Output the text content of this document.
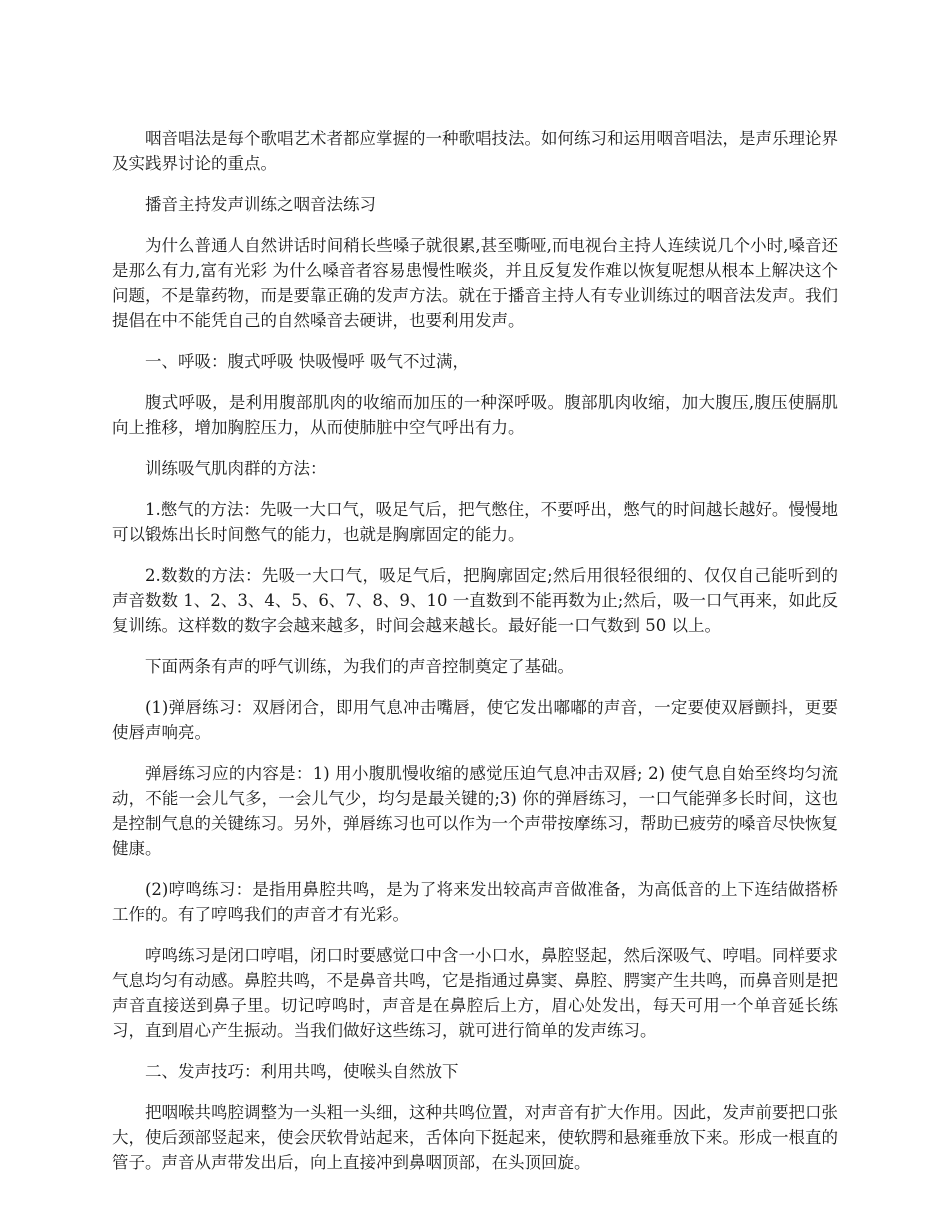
咽音唱法是每个歌唱艺术者都应掌握的一种歌唱技法。如何练习和运用咽音唱法，是声乐理论界及实践界讨论的重点。

播音主持发声训练之咽音法练习

为什么普通人自然讲话时间稍长些嗓子就很累,甚至嘶哑,而电视台主持人连续说几个小时,嗓音还是那么有力,富有光彩 为什么嗓音者容易患慢性喉炎，并且反复发作难以恢复呢想从根本上解决这个问题，不是靠药物，而是要靠正确的发声方法。就在于播音主持人有专业训练过的咽音法发声。我们提倡在中不能凭自己的自然嗓音去硬讲，也要利用发声。

一、呼吸：腹式呼吸 快吸慢呼 吸气不过满，

腹式呼吸，是利用腹部肌肉的收缩而加压的一种深呼吸。腹部肌肉收缩，加大腹压,腹压使膈肌向上推移，增加胸腔压力，从而使肺脏中空气呼出有力。

训练吸气肌肉群的方法：

1.憋气的方法：先吸一大口气，吸足气后，把气憋住，不要呼出，憋气的时间越长越好。慢慢地可以锻炼出长时间憋气的能力，也就是胸廓固定的能力。

2.数数的方法：先吸一大口气，吸足气后，把胸廓固定;然后用很轻很细的、仅仅自己能听到的声音数数 1、2、3、4、5、6、7、8、9、10 一直数到不能再数为止;然后，吸一口气再来，如此反复训练。这样数的数字会越来越多，时间会越来越长。最好能一口气数到 50 以上。

下面两条有声的呼气训练，为我们的声音控制奠定了基础。

(1)弹唇练习：双唇闭合，即用气息冲击嘴唇，使它发出嘟嘟的声音，一定要使双唇颤抖，更要使唇声响亮。

弹唇练习应的内容是：1) 用小腹肌慢收缩的感觉压迫气息冲击双唇; 2) 使气息自始至终均匀流动，不能一会儿气多，一会儿气少，均匀是最关键的;3) 你的弹唇练习，一口气能弹多长时间，这也是控制气息的关键练习。另外，弹唇练习也可以作为一个声带按摩练习，帮助已疲劳的嗓音尽快恢复健康。

(2)哼鸣练习：是指用鼻腔共鸣，是为了将来发出较高声音做准备，为高低音的上下连结做搭桥工作的。有了哼鸣我们的声音才有光彩。

哼鸣练习是闭口哼唱，闭口时要感觉口中含一小口水，鼻腔竖起，然后深吸气、哼唱。同样要求气息均匀有动感。鼻腔共鸣，不是鼻音共鸣，它是指通过鼻窦、鼻腔、腭窦产生共鸣，而鼻音则是把声音直接送到鼻子里。切记哼鸣时，声音是在鼻腔后上方，眉心处发出，每天可用一个单音延长练习，直到眉心产生振动。当我们做好这些练习，就可进行简单的发声练习。

二、发声技巧：利用共鸣，使喉头自然放下

把咽喉共鸣腔调整为一头粗一头细，这种共鸣位置，对声音有扩大作用。因此，发声前要把口张大，使后颈部竖起来，使会厌软骨站起来，舌体向下挺起来，使软腭和悬雍垂放下来。形成一根直的管子。声音从声带发出后，向上直接冲到鼻咽顶部，在头顶回旋。
